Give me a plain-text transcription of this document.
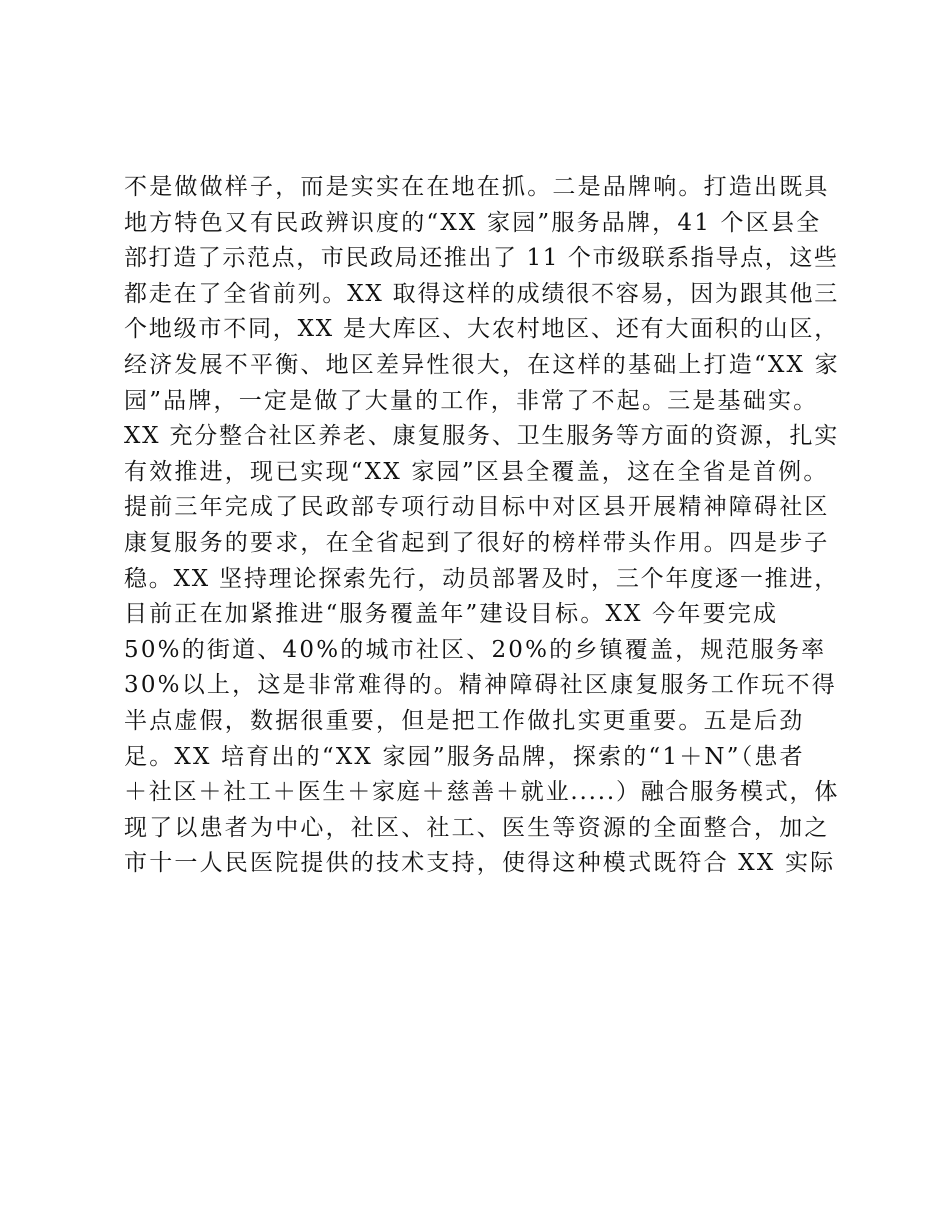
不是做做样子，而是实实在在地在抓。二是品牌响。打造出既具
地方特色又有民政辨识度的“XX 家园”服务品牌，41 个区县全
部打造了示范点，市民政局还推出了 11 个市级联系指导点，这些
都走在了全省前列。XX 取得这样的成绩很不容易，因为跟其他三
个地级市不同，XX 是大库区、大农村地区、还有大面积的山区，
经济发展不平衡、地区差异性很大，在这样的基础上打造“XX 家
园”品牌，一定是做了大量的工作，非常了不起。三是基础实。
XX 充分整合社区养老、康复服务、卫生服务等方面的资源，扎实
有效推进，现已实现“XX 家园”区县全覆盖，这在全省是首例。
提前三年完成了民政部专项行动目标中对区县开展精神障碍社区
康复服务的要求，在全省起到了很好的榜样带头作用。四是步子
稳。XX 坚持理论探索先行，动员部署及时，三个年度逐一推进，
目前正在加紧推进“服务覆盖年”建设目标。XX 今年要完成
50%的街道、40%的城市社区、20%的乡镇覆盖，规范服务率
30%以上，这是非常难得的。精神障碍社区康复服务工作玩不得
半点虚假，数据很重要，但是把工作做扎实更重要。五是后劲
足。XX 培育出的“XX 家园”服务品牌，探索的“1＋N”（患者
＋社区＋社工＋医生＋家庭＋慈善＋就业.....）融合服务模式，体
现了以患者为中心，社区、社工、医生等资源的全面整合，加之
市十一人民医院提供的技术支持，使得这种模式既符合 XX 实际
